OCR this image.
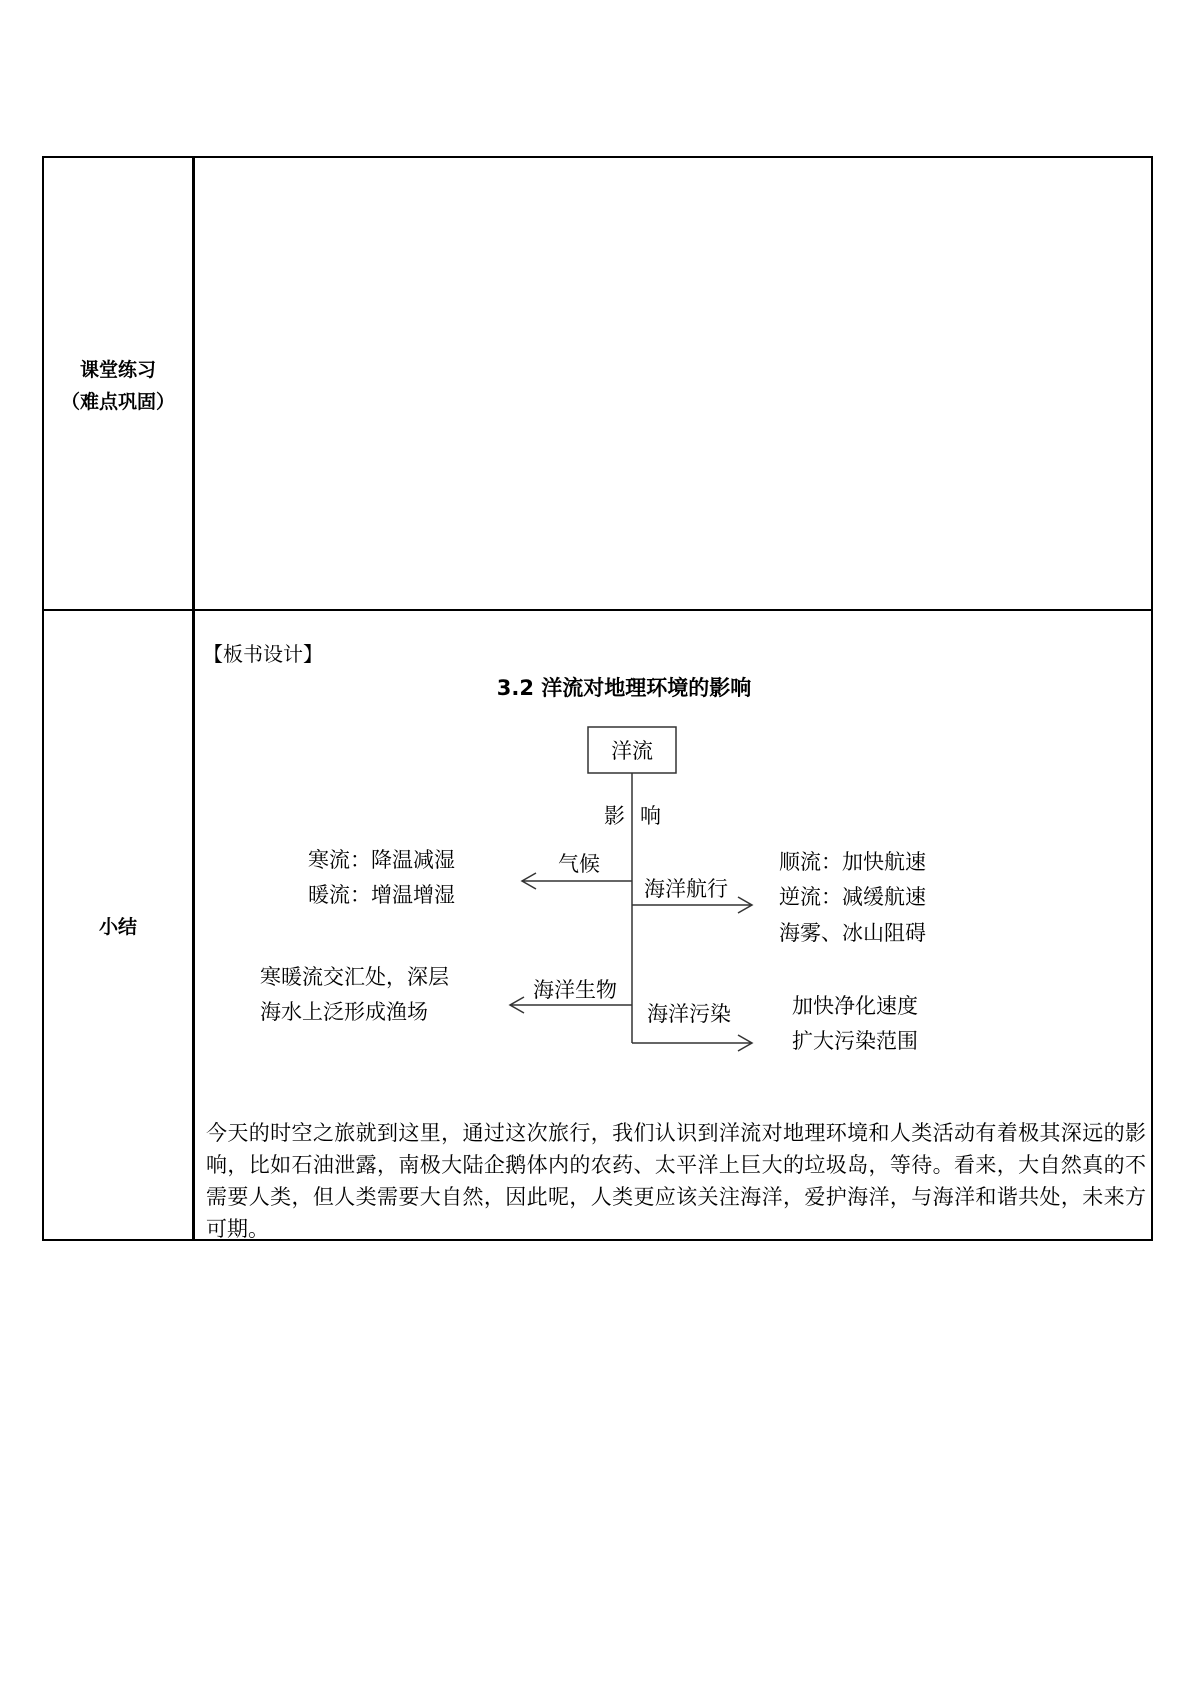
课堂练习
（难点巩固）
小结
【板书设计】
3.2 洋流对地理环境的影响
洋流
影 响
气候
寒流：降温减湿
暖流：增温增湿	海洋航行
顺流：加快航速
逆流：减缓航速
海雾、冰山阻碍
海洋生物
寒暖流交汇处，深层
海水上泛形成渔场	海洋污染	加快净化速度
扩大污染范围

今天的时空之旅就到这里，通过这次旅行，我们认识到洋流对地理环境和人类活动有着极其深远的影响，比如石油泄露，南极大陆企鹅体内的农药、太平洋上巨大的垃圾岛，等待。看来，大自然真的不需要人类，但人类需要大自然，因此呢，人类更应该关注海洋，爱护海洋，与海洋和谐共处，未来方可期。
